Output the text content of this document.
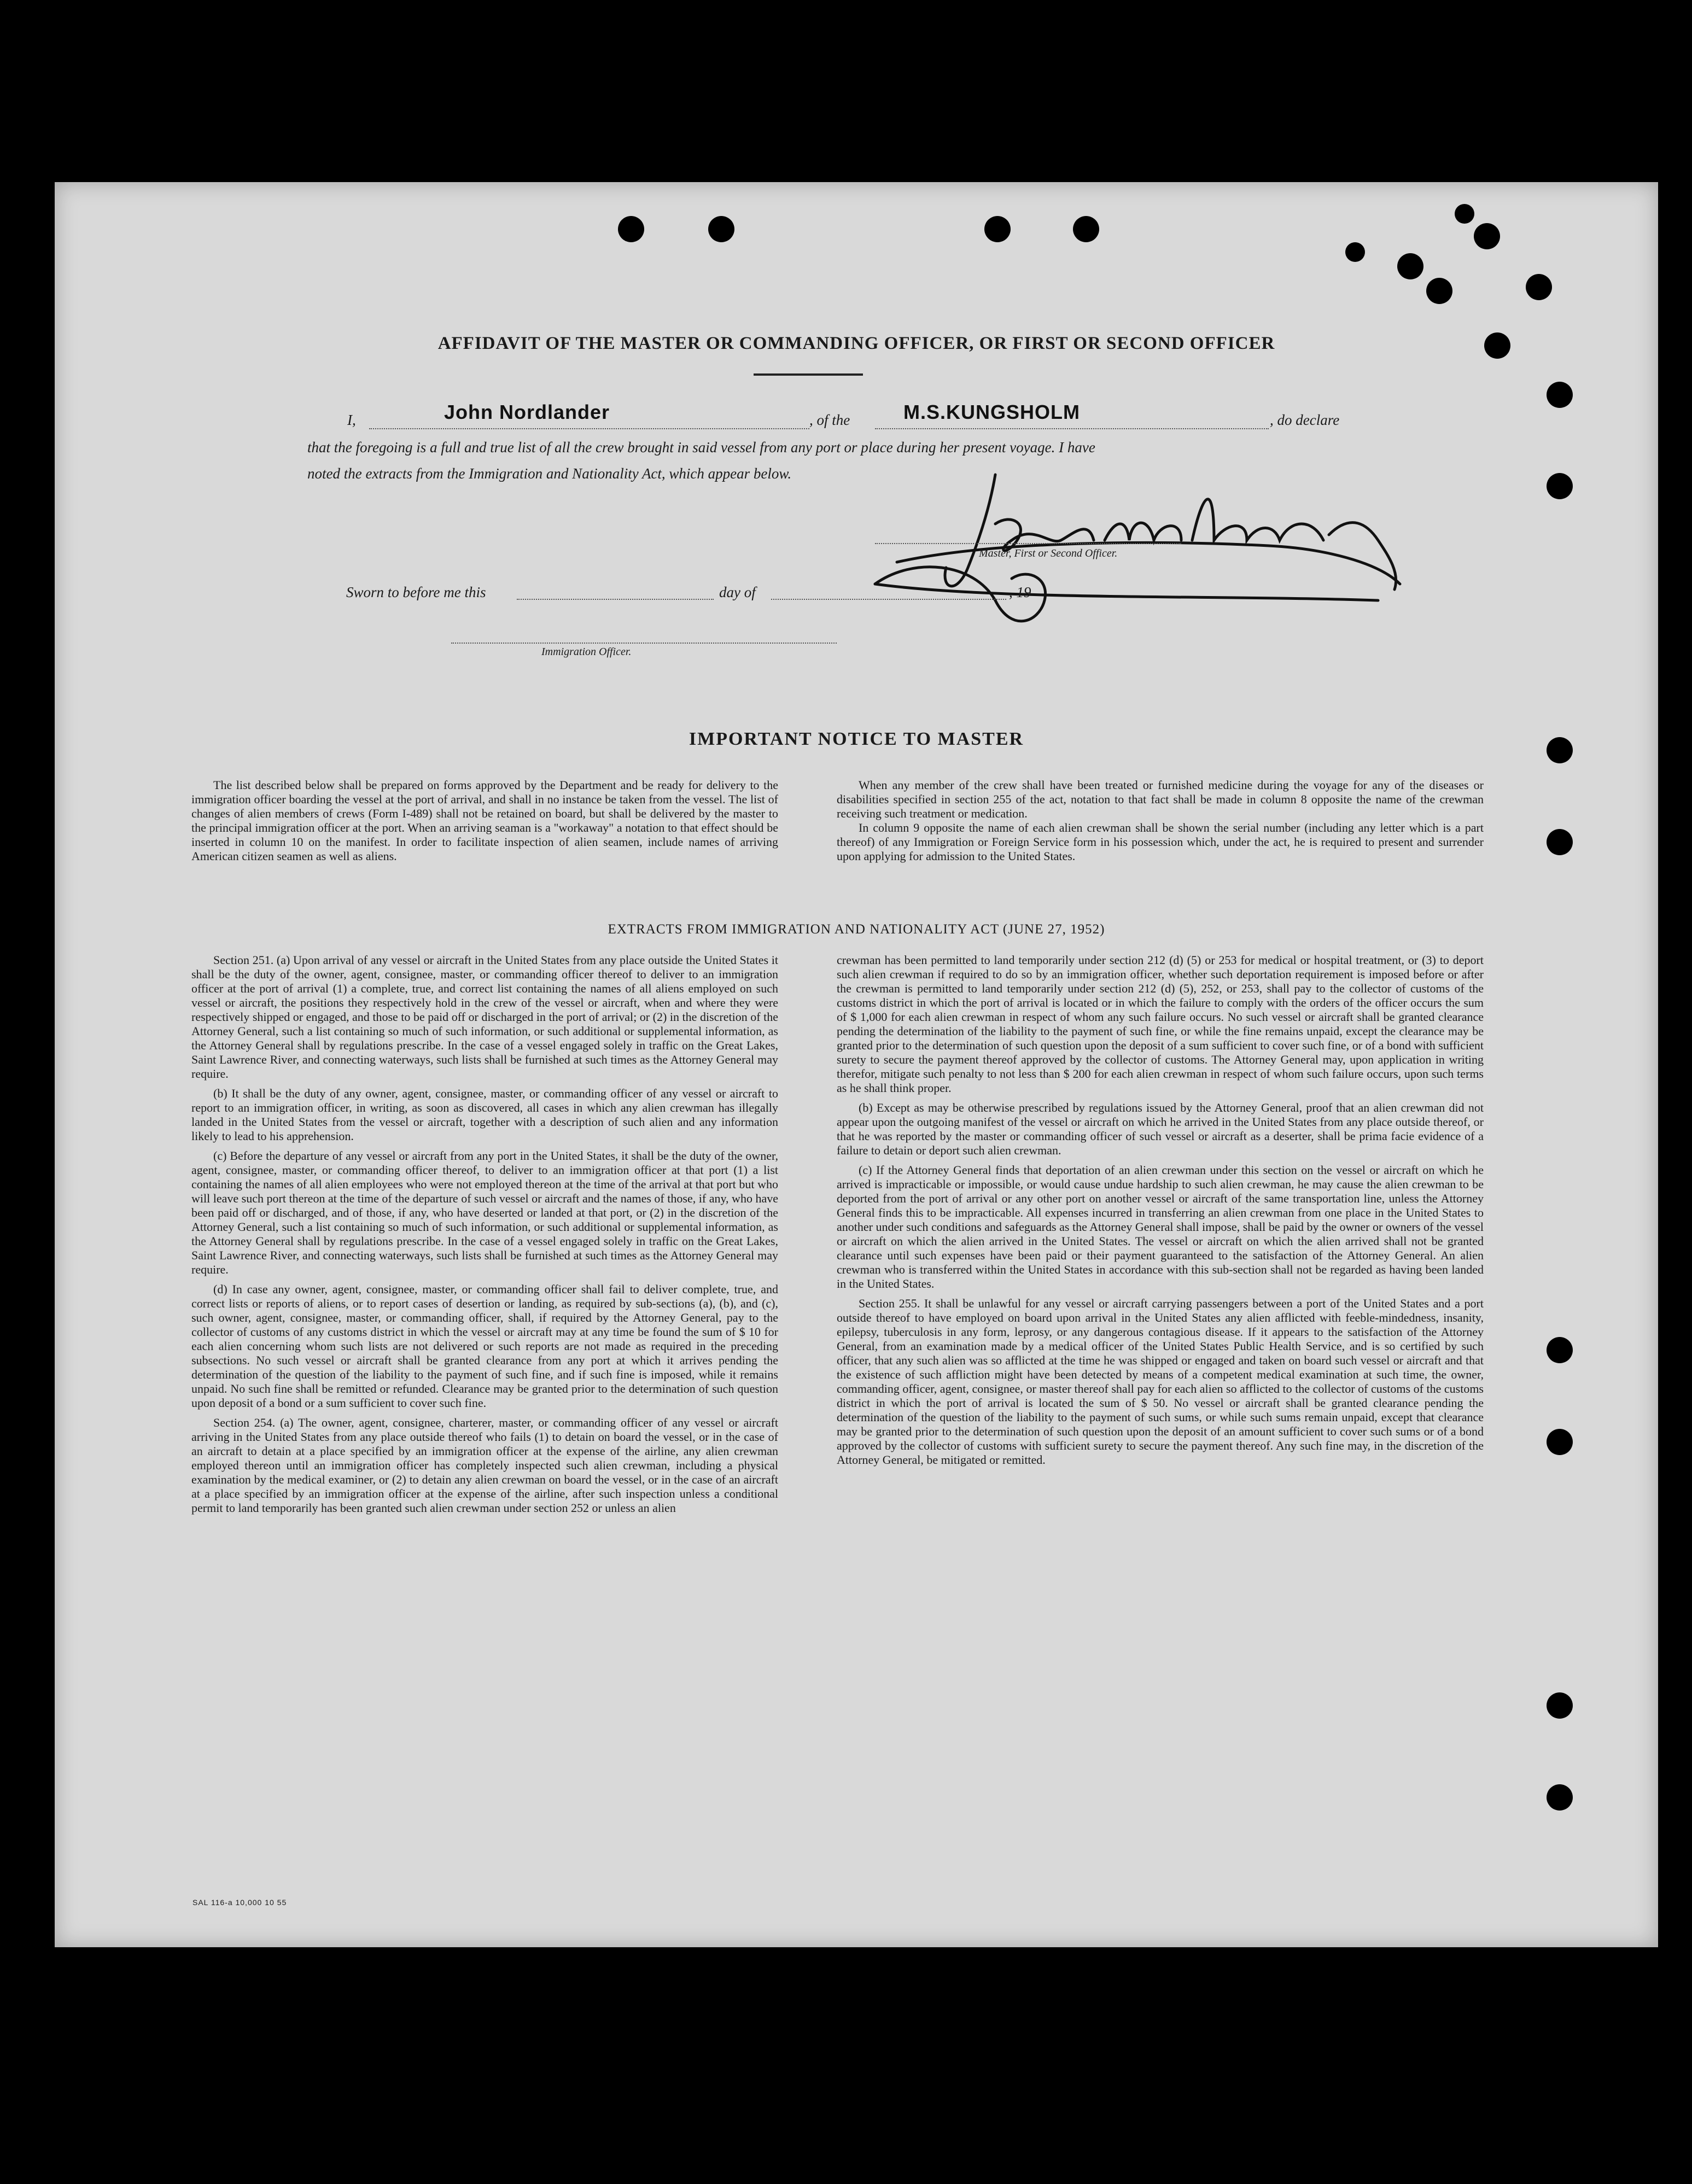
AFFIDAVIT OF THE MASTER OR COMMANDING OFFICER, OR FIRST OR SECOND OFFICER
I,	John Nordlander	, of the	M.S.KUNGSHOLM	, do declare
that the foregoing is a full and true list of all the crew brought in said vessel from any port or place during her present voyage. I have
noted the extracts from the Immigration and Nationality Act, which appear below.
Master, First or Second Officer.
Sworn to before me this	day of	, 19
Immigration Officer.
IMPORTANT NOTICE TO MASTER

The list described below shall be prepared on forms approved by the Department and be ready for delivery to the immigration officer boarding the vessel at the port of arrival, and shall in no instance be taken from the vessel. The list of changes of alien members of crews (Form I-489) shall not be retained on board, but shall be delivered by the master to the principal immigration officer at the port. When an arriving seaman is a "workaway" a notation to that effect should be inserted in column 10 on the manifest. In order to facilitate inspection of alien seamen, include names of arriving American citizen seamen as well as aliens.

When any member of the crew shall have been treated or furnished medicine during the voyage for any of the diseases or disabilities specified in section 255 of the act, notation to that fact shall be made in column 8 opposite the name of the crewman receiving such treatment or medication.

In column 9 opposite the name of each alien crewman shall be shown the serial number (including any letter which is a part thereof) of any Immigration or Foreign Service form in his possession which, under the act, he is required to present and surrender upon applying for admission to the United States.

EXTRACTS FROM IMMIGRATION AND NATIONALITY ACT (JUNE 27, 1952)

Section 251. (a) Upon arrival of any vessel or aircraft in the United States from any place outside the United States it shall be the duty of the owner, agent, consignee, master, or commanding officer thereof to deliver to an immigration officer at the port of arrival (1) a complete, true, and correct list containing the names of all aliens employed on such vessel or aircraft, the positions they respectively hold in the crew of the vessel or aircraft, when and where they were respectively shipped or engaged, and those to be paid off or discharged in the port of arrival; or (2) in the discretion of the Attorney General, such a list containing so much of such information, or such additional or supplemental information, as the Attorney General shall by regulations prescribe. In the case of a vessel engaged solely in traffic on the Great Lakes, Saint Lawrence River, and connecting waterways, such lists shall be furnished at such times as the Attorney General may require.

(b) It shall be the duty of any owner, agent, consignee, master, or commanding officer of any vessel or aircraft to report to an immigration officer, in writing, as soon as discovered, all cases in which any alien crewman has illegally landed in the United States from the vessel or aircraft, together with a description of such alien and any information likely to lead to his apprehension.

(c) Before the departure of any vessel or aircraft from any port in the United States, it shall be the duty of the owner, agent, consignee, master, or commanding officer thereof, to deliver to an immigration officer at that port (1) a list containing the names of all alien employees who were not employed thereon at the time of the arrival at that port but who will leave such port thereon at the time of the departure of such vessel or aircraft and the names of those, if any, who have been paid off or discharged, and of those, if any, who have deserted or landed at that port, or (2) in the discretion of the Attorney General, such a list containing so much of such information, or such additional or supplemental information, as the Attorney General shall by regulations prescribe. In the case of a vessel engaged solely in traffic on the Great Lakes, Saint Lawrence River, and connecting waterways, such lists shall be furnished at such times as the Attorney General may require.

(d) In case any owner, agent, consignee, master, or commanding officer shall fail to deliver complete, true, and correct lists or reports of aliens, or to report cases of desertion or landing, as required by sub-sections (a), (b), and (c), such owner, agent, consignee, master, or commanding officer, shall, if required by the Attorney General, pay to the collector of customs of any customs district in which the vessel or aircraft may at any time be found the sum of $ 10 for each alien concerning whom such lists are not delivered or such reports are not made as required in the preceding subsections. No such vessel or aircraft shall be granted clearance from any port at which it arrives pending the determination of the question of the liability to the payment of such fine, and if such fine is imposed, while it remains unpaid. No such fine shall be remitted or refunded. Clearance may be granted prior to the determination of such question upon deposit of a bond or a sum sufficient to cover such fine.

Section 254. (a) The owner, agent, consignee, charterer, master, or commanding officer of any vessel or aircraft arriving in the United States from any place outside thereof who fails (1) to detain on board the vessel, or in the case of an aircraft to detain at a place specified by an immigration officer at the expense of the airline, any alien crewman employed thereon until an immigration officer has completely inspected such alien crewman, including a physical examination by the medical examiner, or (2) to detain any alien crewman on board the vessel, or in the case of an aircraft at a place specified by an immigration officer at the expense of the airline, after such inspection unless a conditional permit to land temporarily has been granted such alien crewman under section 252 or unless an alien

crewman has been permitted to land temporarily under section 212 (d) (5) or 253 for medical or hospital treatment, or (3) to deport such alien crewman if required to do so by an immigration officer, whether such deportation requirement is imposed before or after the crewman is permitted to land temporarily under section 212 (d) (5), 252, or 253, shall pay to the collector of customs of the customs district in which the port of arrival is located or in which the failure to comply with the orders of the officer occurs the sum of $ 1,000 for each alien crewman in respect of whom any such failure occurs. No such vessel or aircraft shall be granted clearance pending the determination of the liability to the payment of such fine, or while the fine remains unpaid, except the clearance may be granted prior to the determination of such question upon the deposit of a sum sufficient to cover such fine, or of a bond with sufficient surety to secure the payment thereof approved by the collector of customs. The Attorney General may, upon application in writing therefor, mitigate such penalty to not less than $ 200 for each alien crewman in respect of whom such failure occurs, upon such terms as he shall think proper.

(b) Except as may be otherwise prescribed by regulations issued by the Attorney General, proof that an alien crewman did not appear upon the outgoing manifest of the vessel or aircraft on which he arrived in the United States from any place outside thereof, or that he was reported by the master or commanding officer of such vessel or aircraft as a deserter, shall be prima facie evidence of a failure to detain or deport such alien crewman.

(c) If the Attorney General finds that deportation of an alien crewman under this section on the vessel or aircraft on which he arrived is impracticable or impossible, or would cause undue hardship to such alien crewman, he may cause the alien crewman to be deported from the port of arrival or any other port on another vessel or aircraft of the same transportation line, unless the Attorney General finds this to be impracticable. All expenses incurred in transferring an alien crewman from one place in the United States to another under such conditions and safeguards as the Attorney General shall impose, shall be paid by the owner or owners of the vessel or aircraft on which the alien arrived in the United States. The vessel or aircraft on which the alien arrived shall not be granted clearance until such expenses have been paid or their payment guaranteed to the satisfaction of the Attorney General. An alien crewman who is transferred within the United States in accordance with this sub-section shall not be regarded as having been landed in the United States.

Section 255. It shall be unlawful for any vessel or aircraft carrying passengers between a port of the United States and a port outside thereof to have employed on board upon arrival in the United States any alien afflicted with feeble-mindedness, insanity, epilepsy, tuberculosis in any form, leprosy, or any dangerous contagious disease. If it appears to the satisfaction of the Attorney General, from an examination made by a medical officer of the United States Public Health Service, and is so certified by such officer, that any such alien was so afflicted at the time he was shipped or engaged and taken on board such vessel or aircraft and that the existence of such affliction might have been detected by means of a competent medical examination at such time, the owner, commanding officer, agent, consignee, or master thereof shall pay for each alien so afflicted to the collector of customs of the customs district in which the port of arrival is located the sum of $ 50. No vessel or aircraft shall be granted clearance pending the determination of the question of the liability to the payment of such sums, or while such sums remain unpaid, except that clearance may be granted prior to the determination of such question upon the deposit of an amount sufficient to cover such sums or of a bond approved by the collector of customs with sufficient surety to secure the payment thereof. Any such fine may, in the discretion of the Attorney General, be mitigated or remitted.

SAL 116-a 10,000 10 55
